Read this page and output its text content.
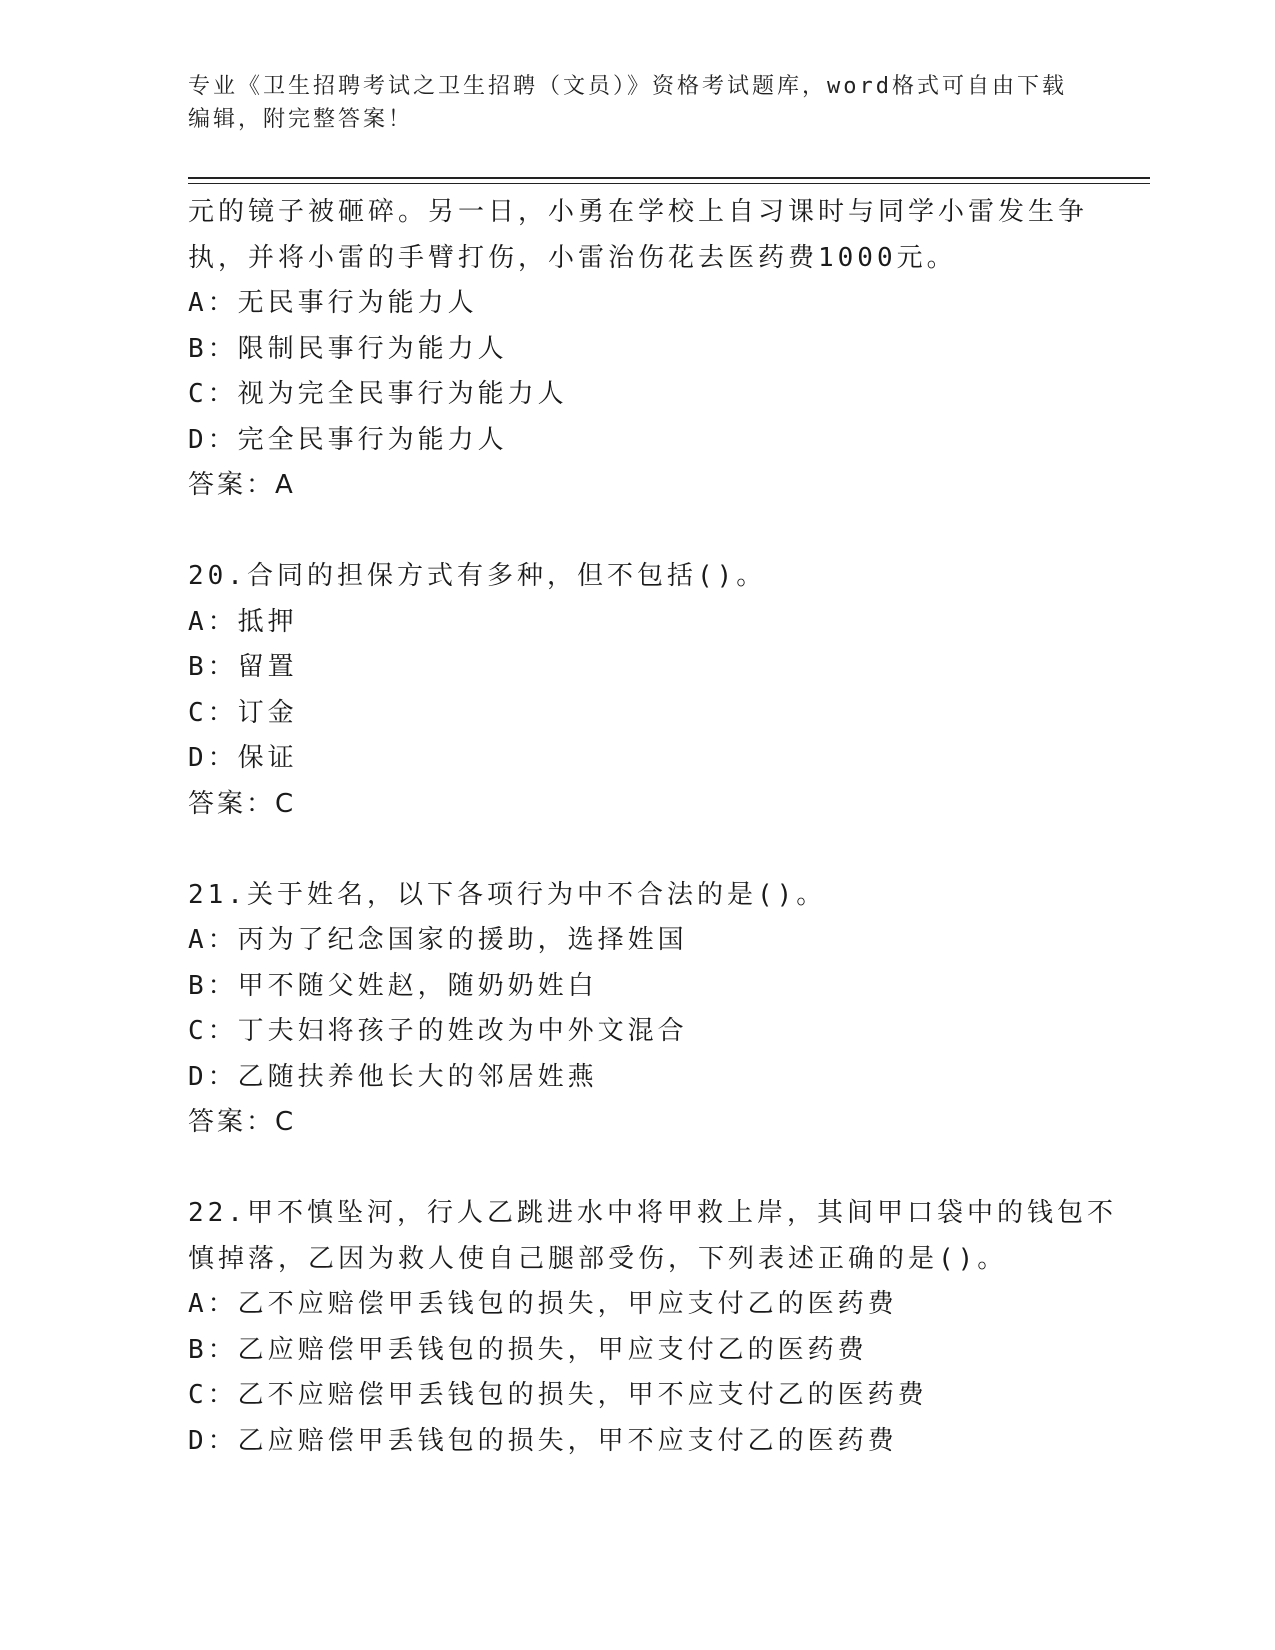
专业《卫生招聘考试之卫生招聘（文员）》资格考试题库，word格式可自由下载
编辑，附完整答案！
元的镜子被砸碎。另一日，小勇在学校上自习课时与同学小雷发生争
执，并将小雷的手臂打伤，小雷治伤花去医药费1000元。
A：无民事行为能力人
B：限制民事行为能力人
C：视为完全民事行为能力人
D：完全民事行为能力人
答案：A
20.合同的担保方式有多种，但不包括()。
A：抵押
B：留置
C：订金
D：保证
答案：C
21.关于姓名，以下各项行为中不合法的是()。
A：丙为了纪念国家的援助，选择姓国
B：甲不随父姓赵，随奶奶姓白
C：丁夫妇将孩子的姓改为中外文混合
D：乙随扶养他长大的邻居姓燕
答案：C
22.甲不慎坠河，行人乙跳进水中将甲救上岸，其间甲口袋中的钱包不
慎掉落，乙因为救人使自己腿部受伤，下列表述正确的是()。
A：乙不应赔偿甲丢钱包的损失，甲应支付乙的医药费
B：乙应赔偿甲丢钱包的损失，甲应支付乙的医药费
C：乙不应赔偿甲丢钱包的损失，甲不应支付乙的医药费
D：乙应赔偿甲丢钱包的损失，甲不应支付乙的医药费
